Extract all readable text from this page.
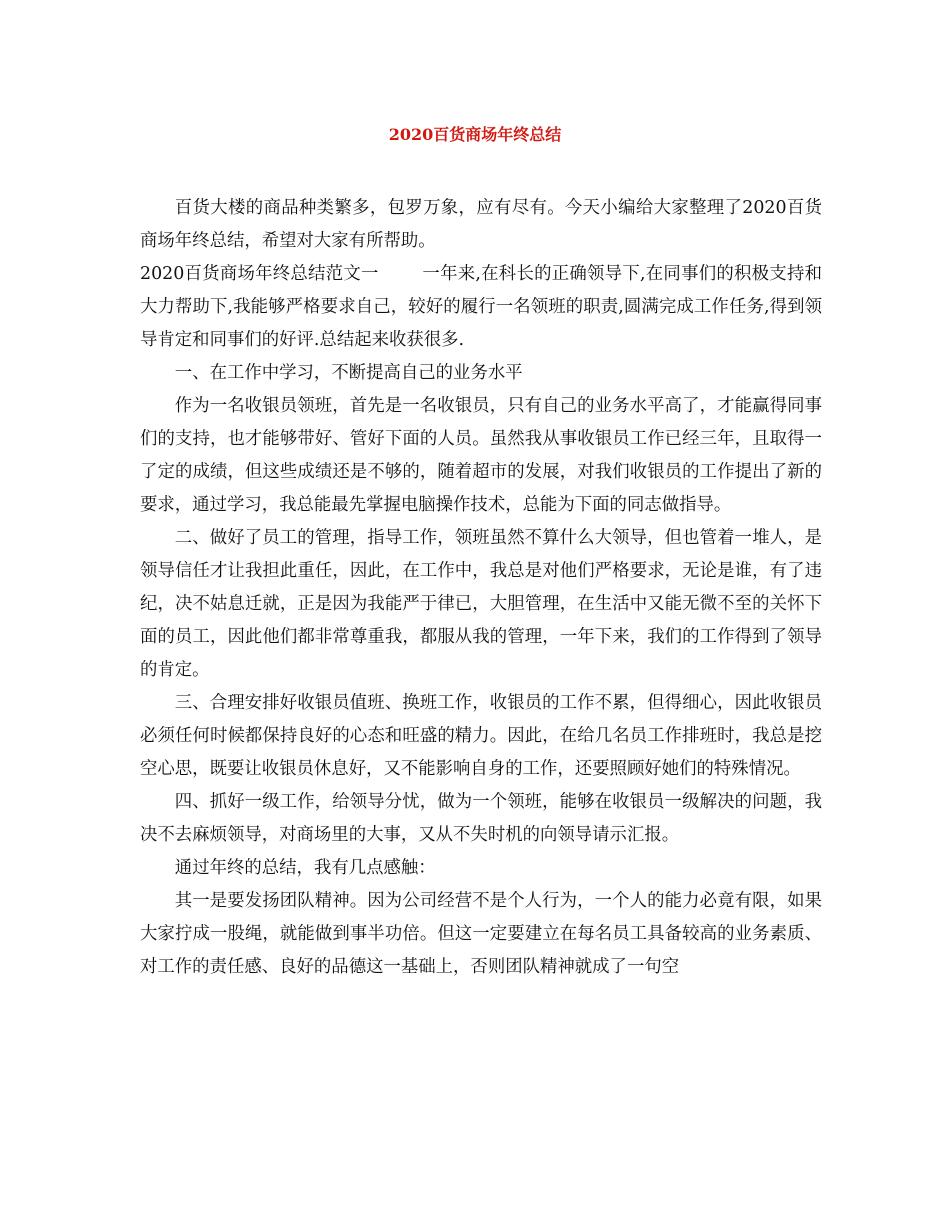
2020百货商场年终总结

百货大楼的商品种类繁多，包罗万象，应有尽有。今天小编给大家整理了2020百货商场年终总结，希望对大家有所帮助。

2020百货商场年终总结范文一	一年来,在科长的正确领导下,在同事们的积极支持和大力帮助下,我能够严格要求自己，较好的履行一名领班的职责,圆满完成工作任务,得到领导肯定和同事们的好评.总结起来收获很多.

一、在工作中学习，不断提高自己的业务水平

作为一名收银员领班，首先是一名收银员，只有自己的业务水平高了，才能赢得同事们的支持，也才能够带好、管好下面的人员。虽然我从事收银员工作已经三年，且取得一了定的成绩，但这些成绩还是不够的，随着超市的发展，对我们收银员的工作提出了新的要求，通过学习，我总能最先掌握电脑操作技术，总能为下面的同志做指导。

二、做好了员工的管理，指导工作，领班虽然不算什么大领导，但也管着一堆人，是领导信任才让我担此重任，因此，在工作中，我总是对他们严格要求，无论是谁，有了违纪，决不姑息迁就，正是因为我能严于律已，大胆管理，在生活中又能无微不至的关怀下面的员工，因此他们都非常尊重我，都服从我的管理，一年下来，我们的工作得到了领导的肯定。

三、合理安排好收银员值班、换班工作，收银员的工作不累，但得细心，因此收银员必须任何时候都保持良好的心态和旺盛的精力。因此，在给几名员工作排班时，我总是挖空心思，既要让收银员休息好，又不能影响自身的工作，还要照顾好她们的特殊情况。

四、抓好一级工作，给领导分忧，做为一个领班，能够在收银员一级解决的问题，我决不去麻烦领导，对商场里的大事，又从不失时机的向领导请示汇报。

通过年终的总结，我有几点感触：

其一是要发扬团队精神。因为公司经营不是个人行为，一个人的能力必竟有限，如果大家拧成一股绳，就能做到事半功倍。但这一定要建立在每名员工具备较高的业务素质、对工作的责任感、良好的品德这一基础上，否则团队精神就成了一句空
